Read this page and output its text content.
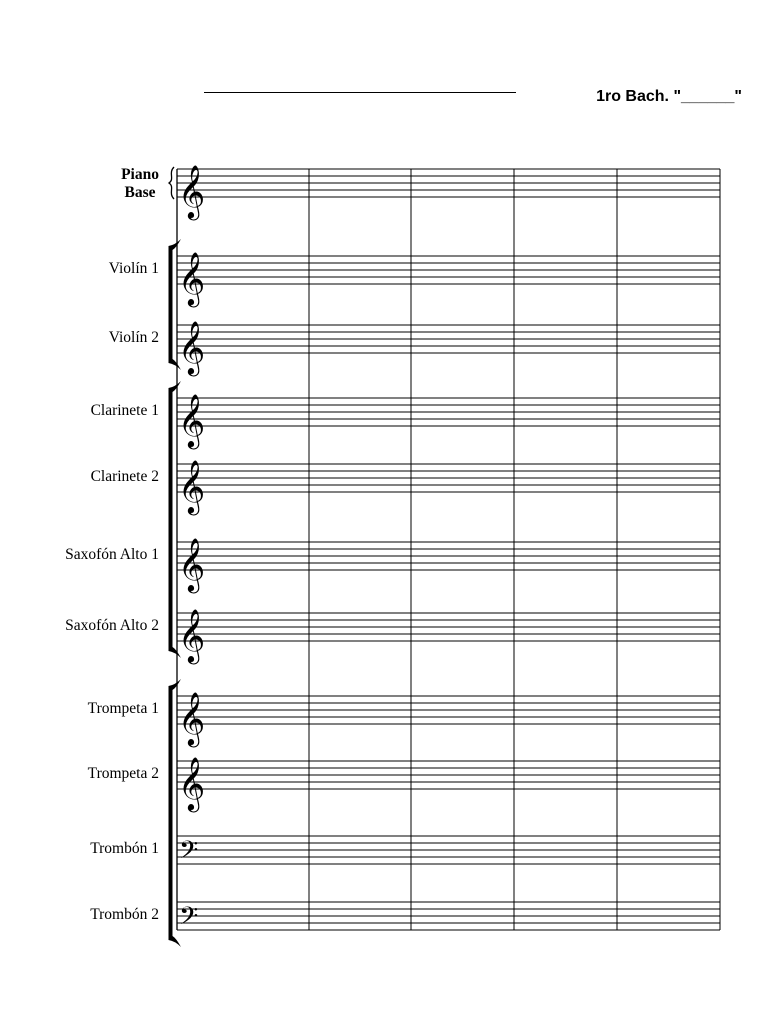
1ro Bach. "______"
𝄞
𝄞
𝄞
𝄞
𝄞
𝄞
𝄞
𝄞
𝄞
𝄢
𝄢
Piano
Base
Violín 1
Violín 2
Clarinete 1
Clarinete 2
Saxofón Alto 1
Saxofón Alto 2
Trompeta 1
Trompeta 2
Trombón 1
Trombón 2
